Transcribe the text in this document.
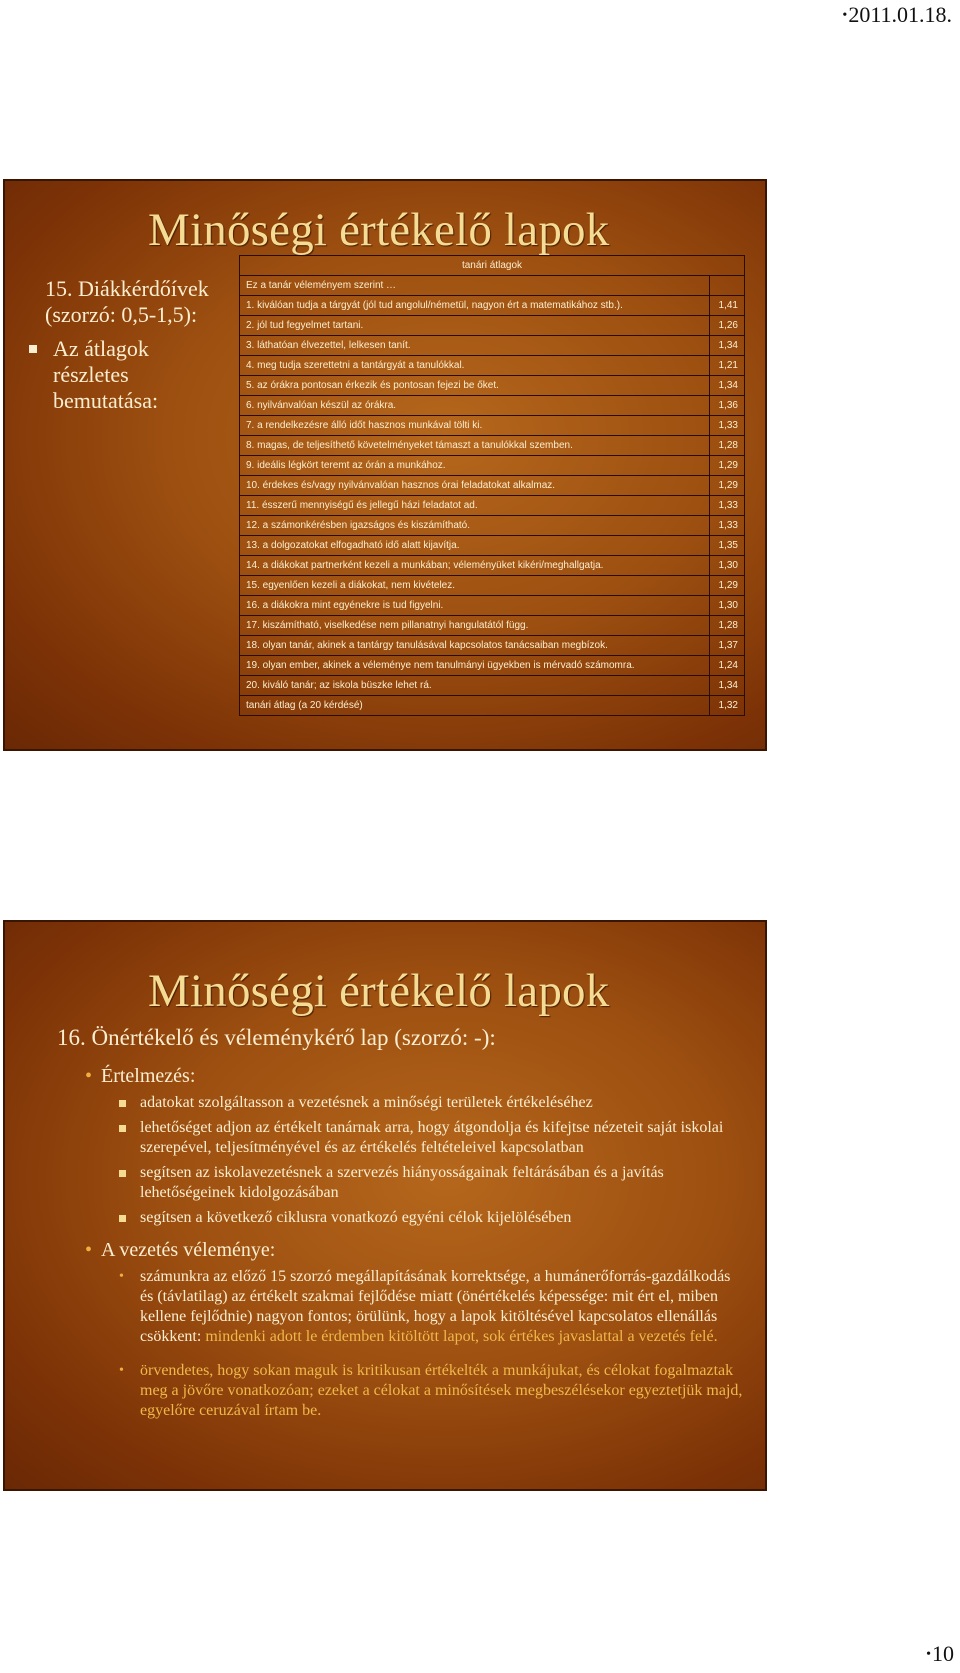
•2011.01.18.
Minőségi értékelő lapok
15. Diákkérdőívek (szorzó: 0,5-1,5):
Az átlagok részletes bemutatása:
tanári átlagok	
Ez a tanár véleményem szerint …	
1. kiválóan tudja a tárgyát (jól tud angolul/németül, nagyon ért a matematikához stb.).	1,41
2. jól tud fegyelmet tartani.	1,26
3. láthatóan élvezettel, lelkesen tanít.	1,34
4. meg tudja szerettetni a tantárgyát a tanulókkal.	1,21
5. az órákra pontosan érkezik és pontosan fejezi be őket.	1,34
6. nyilvánvalóan készül az órákra.	1,36
7. a rendelkezésre álló időt hasznos munkával tölti ki.	1,33
8. magas, de teljesíthető követelményeket támaszt a tanulókkal szemben.	1,28
9. ideális légkört teremt az órán a munkához.	1,29
10. érdekes és/vagy nyilvánvalóan hasznos órai feladatokat alkalmaz.	1,29
11. ésszerű mennyiségű és jellegű házi feladatot ad.	1,33
12. a számonkérésben igazságos és kiszámítható.	1,33
13. a dolgozatokat elfogadható idő alatt kijavítja.	1,35
14. a diákokat partnerként kezeli a munkában; véleményüket kikéri/meghallgatja.	1,30
15. egyenlően kezeli a diákokat, nem kivételez.	1,29
16. a diákokra mint egyénekre is tud figyelni.	1,30
17. kiszámítható, viselkedése nem pillanatnyi hangulatától függ.	1,28
18. olyan tanár, akinek a tantárgy tanulásával kapcsolatos tanácsaiban megbízok.	1,37
19. olyan ember, akinek a véleménye nem tanulmányi ügyekben is mérvadó számomra.	1,24
20. kiváló tanár; az iskola büszke lehet rá.	1,34
tanári átlag (a 20 kérdésé)	1,32
Minőségi értékelő lapok
16. Önértékelő és véleménykérő lap (szorzó: -):
• Értelmezés:
adatokat szolgáltasson a vezetésnek a minőségi területek értékeléséhez
lehetőséget adjon az értékelt tanárnak arra, hogy átgondolja és kifejtse nézeteit saját iskolai szerepével, teljesítményével és az értékelés feltételeivel kapcsolatban
segítsen az iskolavezetésnek a szervezés hiányosságainak feltárásában és a javítás lehetőségeinek kidolgozásában
segítsen a következő ciklusra vonatkozó egyéni célok kijelölésében
• A vezetés véleménye:
•	számunkra az előző 15 szorzó megállapításának korrektsége, a humánerőforrás-gazdálkodás és (távlatilag) az értékelt szakmai fejlődése miatt (önértékelés képessége: mit ért el, miben kellene fejlődnie) nagyon fontos; örülünk, hogy a lapok kitöltésével kapcsolatos ellenállás csökkent: mindenki adott le érdemben kitöltött lapot, sok értékes javaslattal a vezetés felé.
•	örvendetes, hogy sokan maguk is kritikusan értékelték a munkájukat, és célokat fogalmaztak meg a jövőre vonatkozóan; ezeket a célokat a minősítések megbeszélésekor egyeztetjük majd, egyelőre ceruzával írtam be.
•10
